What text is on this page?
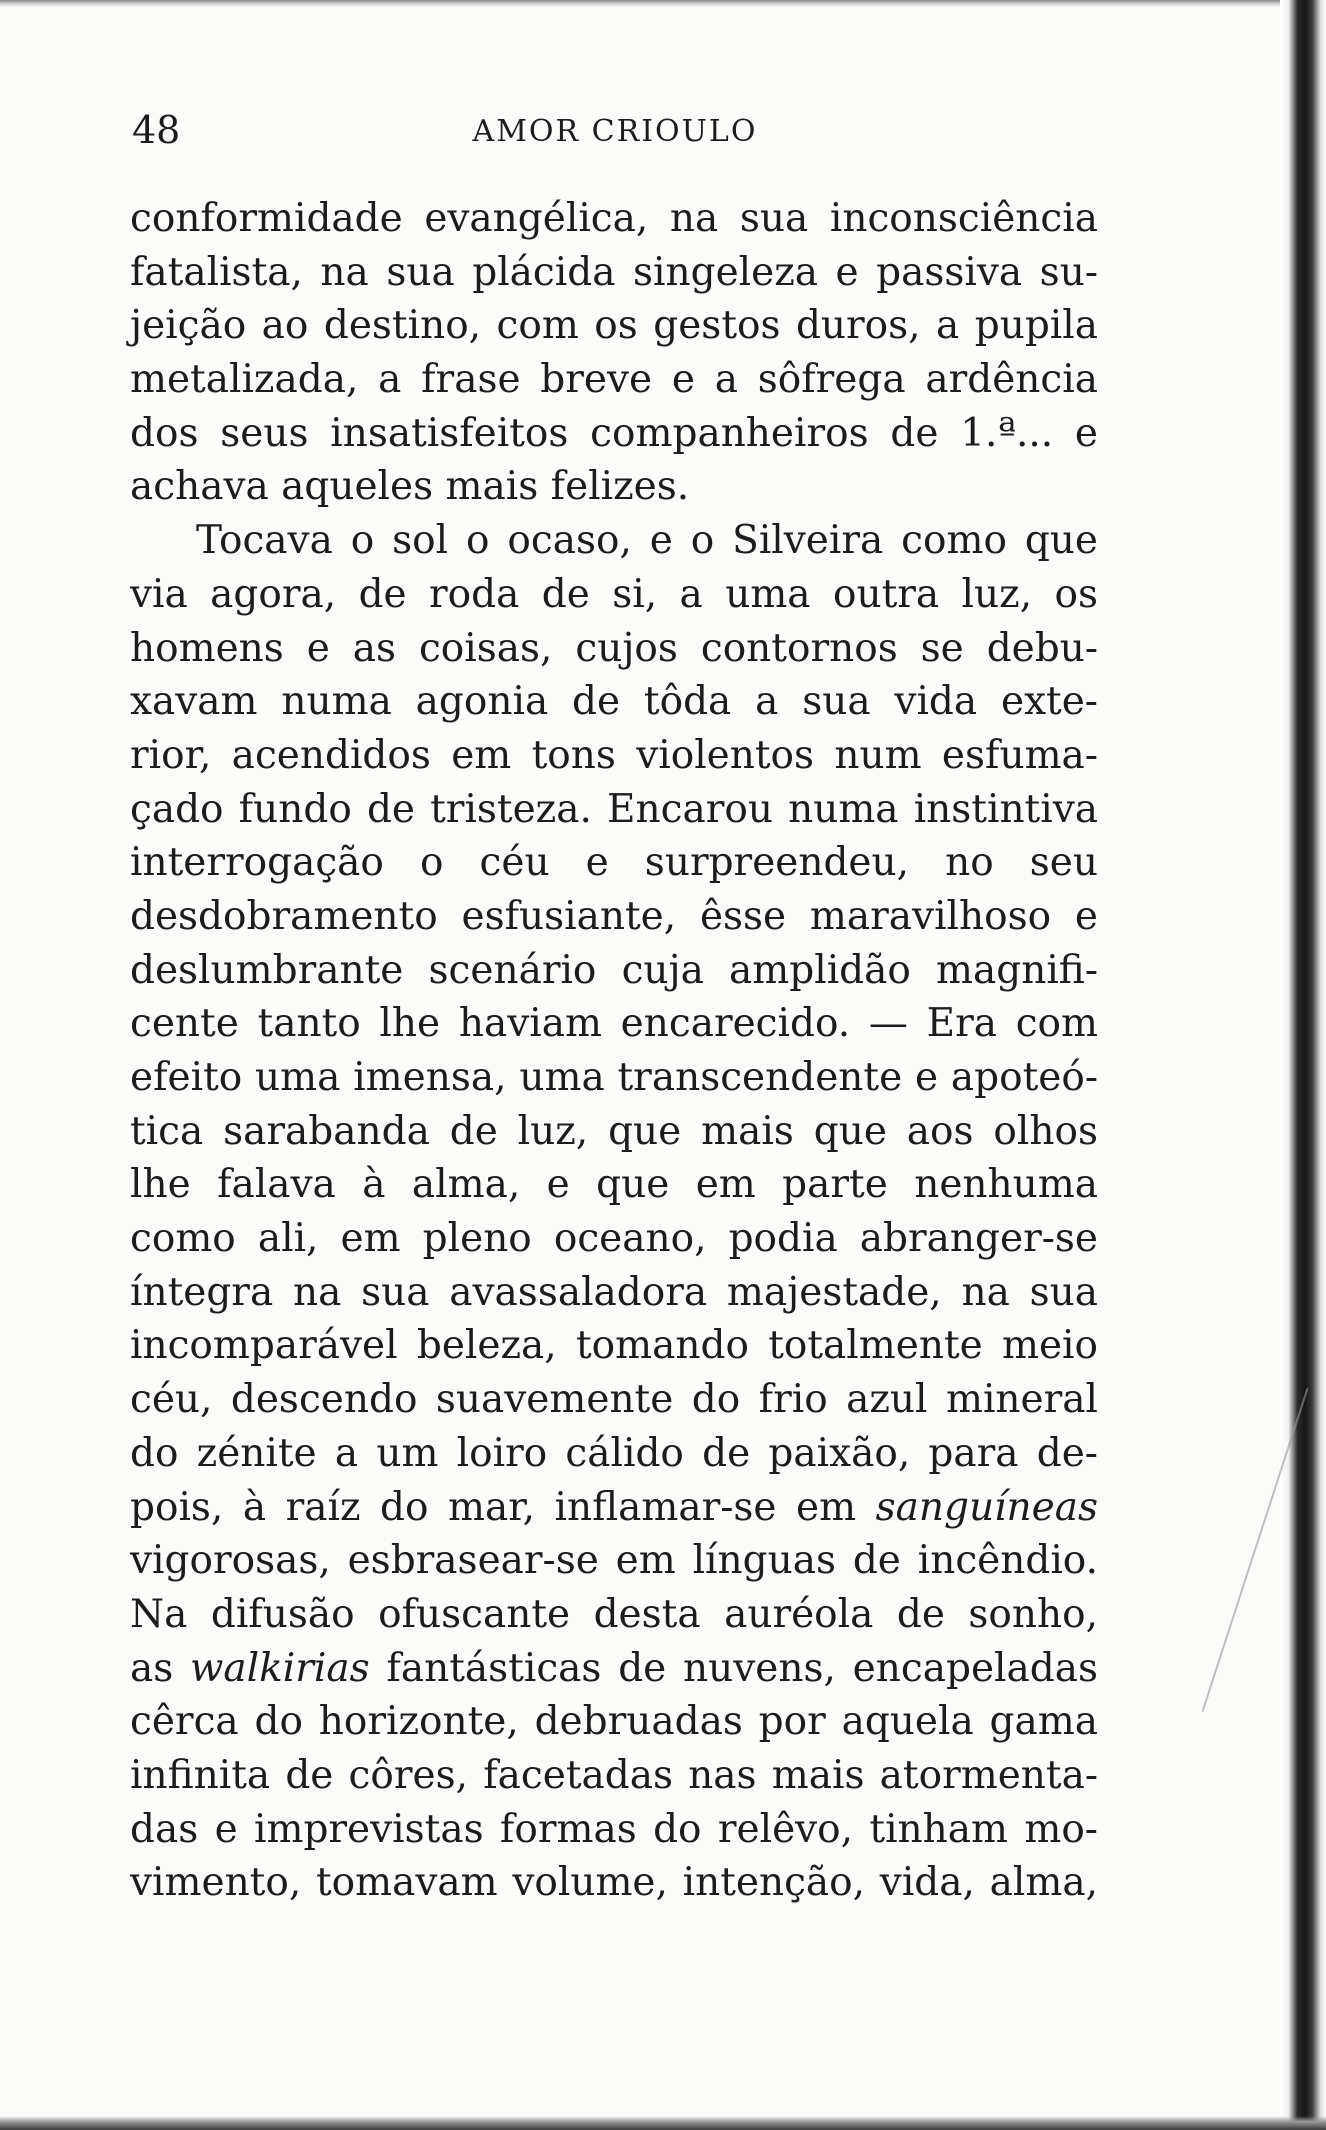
48	AMOR CRIOULO
conformidade evangélica, na sua inconsciência
fatalista, na sua plácida singeleza e passiva su-
jeição ao destino, com os gestos duros, a pupila
metalizada, a frase breve e a sôfrega ardência
dos seus insatisfeitos companheiros de 1.ª... e
achava aqueles mais felizes.
Tocava o sol o ocaso, e o Silveira como que
via agora, de roda de si, a uma outra luz, os
homens e as coisas, cujos contornos se debu-
xavam numa agonia de tôda a sua vida exte-
rior, acendidos em tons violentos num esfuma-
çado fundo de tristeza. Encarou numa instintiva
interrogação o céu e surpreendeu, no seu
desdobramento esfusiante, êsse maravilhoso e
deslumbrante scenário cuja amplidão magnifi-
cente tanto lhe haviam encarecido. — Era com
efeito uma imensa, uma transcendente e apoteó-
tica sarabanda de luz, que mais que aos olhos
lhe falava à alma, e que em parte nenhuma
como ali, em pleno oceano, podia abranger-se
íntegra na sua avassaladora majestade, na sua
incomparável beleza, tomando totalmente meio
céu, descendo suavemente do frio azul mineral
do zénite a um loiro cálido de paixão, para de-
pois, à raíz do mar, inflamar-se em sanguíneas
vigorosas, esbrasear-se em línguas de incêndio.
Na difusão ofuscante desta auréola de sonho,
as walkirias fantásticas de nuvens, encapeladas
cêrca do horizonte, debruadas por aquela gama
infinita de côres, facetadas nas mais atormenta-
das e imprevistas formas do relêvo, tinham mo-
vimento, tomavam volume, intenção, vida, alma,
